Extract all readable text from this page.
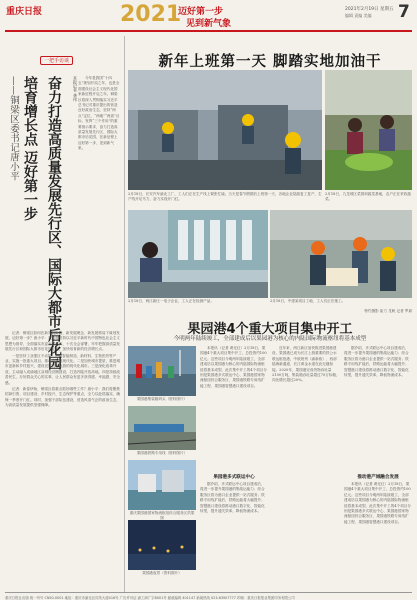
重庆日报	2021
迈好第一步
见到新气象
2021年2月19日 星期五
编辑 责编 美编 7
一把手访谈
奋力打造高质量发展先行区、国际大都市后花园
培育增长点 迈好第一步
——铜梁区委书记唐小平	本报记者 龚伟	今年是我国“十四五”规划开局之年，也是全面建设社会主义现代化国家新征程开启之年。铜梁区将深入贯彻落实习近平总书记对重庆提出的营造良好政治生态，坚持“两点”定位、“两地”“两高”目标，发挥“三个作用”的重要指示要求，奋力打造高质量发展先行区、国际大都市后花园，在新征程上迈好第一步，见到新气象。

记者：铜梁区如何在新发展阶段、新发展理念、新发展格局下谋划发展，迈好第一步？唐小平：我们将坚持以习近平新时代中国特色社会主义思想为指导，全面落实市委五届九次、十次全会部署，牢牢把握高质量发展先行区和国际大都市后花园定位，加快培育新的经济增长点。

一是坚持工业强区不动摇，围绕智能制造、新材料、生物医药等产业，实施一批重大项目，推动产业链现代化。二是加快城市提质，推进城市更新和乡村振兴，建设宜居宜业宜游的现代化城市。三是深化改革开放，主动融入成渝地区双城经济圈建设，打造内陆开放高地。四是持续改善民生，办好群众关心的实事，让人民群众有更多获得感、幸福感、安全感。

记者：新春伊始，铜梁区将重点抓好哪些工作？唐小平：我们将聚焦招商引资、项目建设、乡村振兴、生态保护等重点，全力以赴抓落实，确保一季度开门红。同时，加强干部队伍建设，营造风清气正的政治生态，为高质量发展提供坚强保障。

新年上班第一天 脚踏实地加油干
2月18日，长安汽车渝北工厂，工人们正在生产线上紧张忙碌。当天是春节假期后上班第一天，各地企业陆续复工复产，生产线开足马力，奋力实现开门红。
2月18日，九龙坡区菜园坝蔬菜基地，农户正在采收蔬菜。
2月18日，两江新区一电子企业，工人正在检测产品。	2月18日，中建某项目工地，工人们正在施工。
特约摄影 崔力 龙帆 记者 罗斌
果园港4个重大项目集中开工
今明两年陆续竣工，全部建成后以果园港为核心的内陆国际物流枢纽将基本成型
果园港集装箱码头（资料图片）
果园港铁路专用线（资料图片）
重庆果园港国家物流枢纽综合服务区效果图
果园港夜景（资料图片）
本报讯（记者 黄光红）2月18日，果园港4个重大项目集中开工，总投资约100亿元。这些项目今明两年陆续竣工，全部建成后以果园港为核心的内陆国际物流枢纽将基本成型。此次集中开工的4个项目分别是果园港多式联运中心、果园港国家物流枢纽综合服务区、果园港铁路专用线扩能工程、果园港智慧港口建设项目。
果园港多式联运中心
据介绍，多式联运中心项目建成后，将进一步提升果园港的集疏运能力；综合服务区将为港口企业提供一站式服务；铁路专用线扩能后，铁路运能将大幅提升；智慧港口建设将推动港口数字化、智能化转型，提升通关效率，降低物流成本。
近年来，两江新区加快推进果园港建设，果园港已成为长江上游重要的铁公水联运枢纽港，中欧班列（渝新欧）、西部陆海新通道、长江黄金水道在此无缝衔接。2020年，果园港完成货物吞吐量2100万吨，集装箱吞吐量超过70万标箱，同比增长超过20%。
据介绍，多式联运中心项目建成后，将进一步提升果园港的集疏运能力；综合服务区将为港口企业提供一站式服务；铁路专用线扩能后，铁路运能将大幅提升；智慧港口建设将推动港口数字化、智能化转型，提升通关效率，降低物流成本。
推动港产城融合发展
本报讯（记者 黄光红）2月18日，果园港4个重大项目集中开工，总投资约100亿元。这些项目今明两年陆续竣工，全部建成后以果园港为核心的内陆国际物流枢纽将基本成型。此次集中开工的4个项目分别是果园港多式联运中心、果园港国家物流枢纽综合服务区、果园港铁路专用线扩能工程、果园港智慧港口建设项目。
重庆日报社出版 统一刊号 CN50-0001 地址：重庆市渝北区同茂大道416号 广告许可证 渝工商广字8001号 邮政编码 401147 新闻热线 023-63907777 印刷：重庆日报报业集团印务有限公司
